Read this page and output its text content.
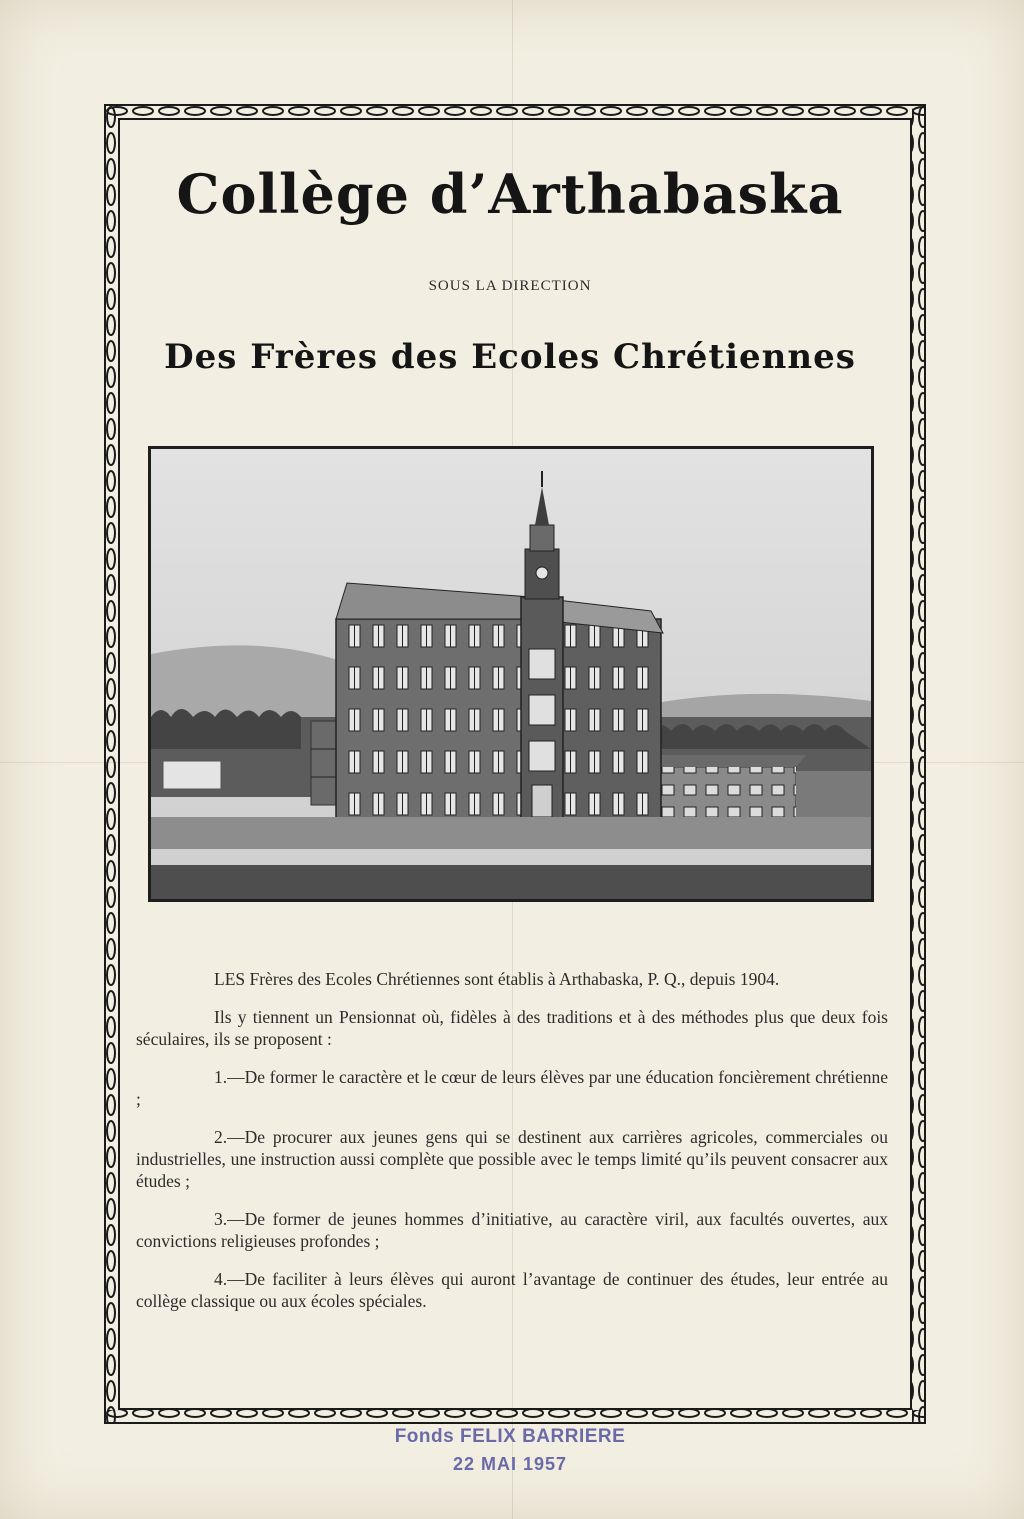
Collège d’Arthabaska
SOUS LA DIRECTION
Des Frères des Ecoles Chrétiennes

LES Frères des Ecoles Chrétiennes sont établis à Arthabaska, P. Q., depuis 1904.

Ils y tiennent un Pensionnat où, fidèles à des traditions et à des méthodes plus que deux fois séculaires, ils se proposent :

1.—De former le caractère et le cœur de leurs élèves par une éducation foncièrement chrétienne ;

2.—De procurer aux jeunes gens qui se destinent aux carrières agricoles, commerciales ou industrielles, une instruction aussi complète que possible avec le temps limité qu’ils peuvent consacrer aux études ;

3.—De former de jeunes hommes d’initiative, au caractère viril, aux facultés ouvertes, aux convictions religieuses profondes ;

4.—De faciliter à leurs élèves qui auront l’avantage de continuer des études, leur entrée au collège classique ou aux écoles spéciales.

Fonds FELIX BARRIERE
22 MAI 1957
